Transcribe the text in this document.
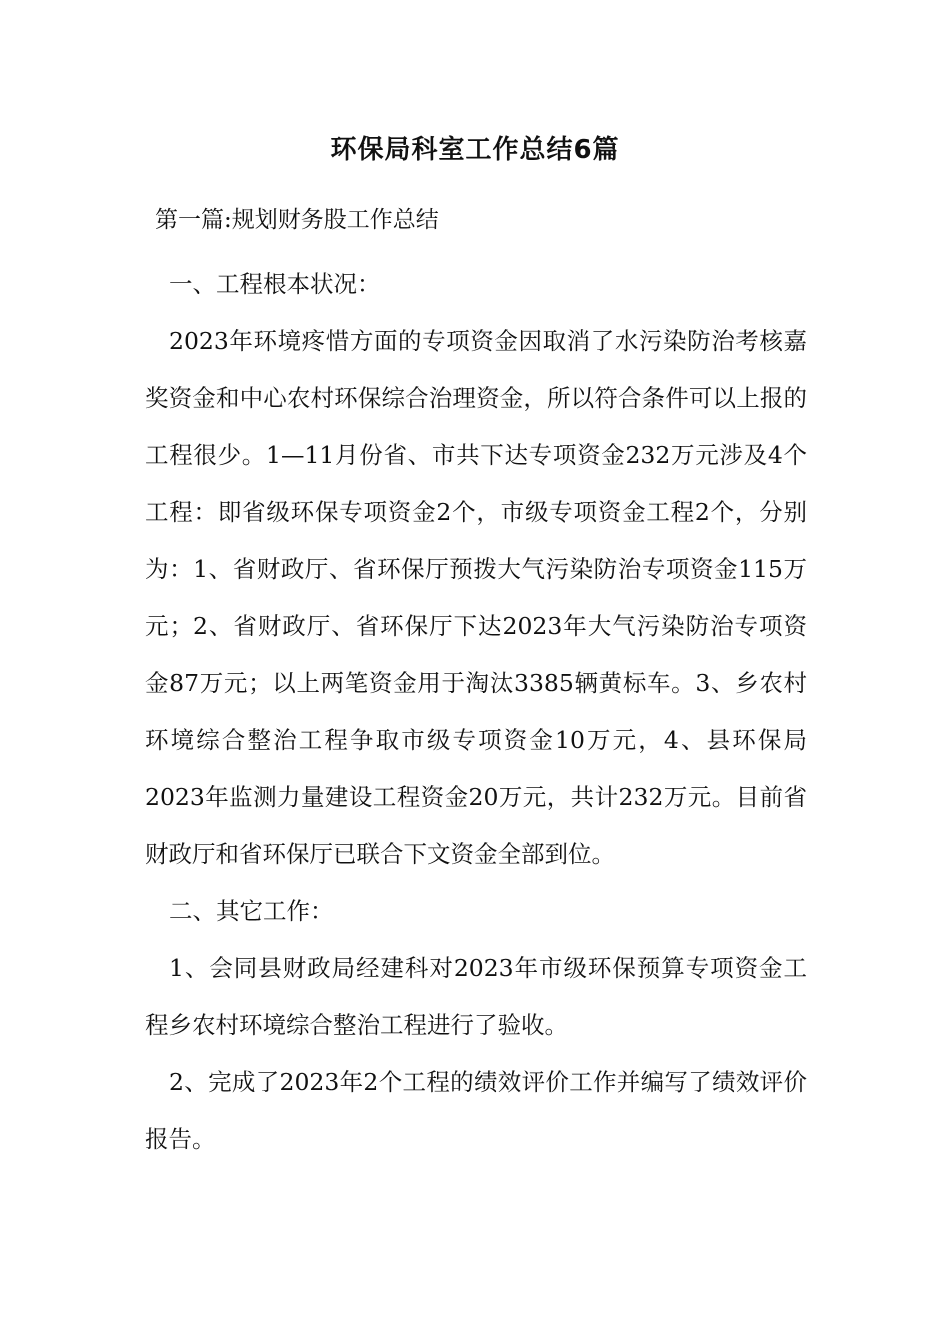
环保局科室工作总结6篇
第一篇:规划财务股工作总结

一、工程根本状况：

2023年环境疼惜方面的专项资金因取消了水污染防治考核嘉奖资金和中心农村环保综合治理资金，所以符合条件可以上报的工程很少。1—11月份省、市共下达专项资金232万元涉及4个工程：即省级环保专项资金2个，市级专项资金工程2个，分别为：1、省财政厅、省环保厅预拨大气污染防治专项资金115万元；2、省财政厅、省环保厅下达2023年大气污染防治专项资金87万元；以上两笔资金用于淘汰3385辆黄标车。3、乡农村环境综合整治工程争取市级专项资金10万元，4、县环保局2023年监测力量建设工程资金20万元，共计232万元。目前省财政厅和省环保厅已联合下文资金全部到位。

二、其它工作：

1、会同县财政局经建科对2023年市级环保预算专项资金工程乡农村环境综合整治工程进行了验收。

2、完成了2023年2个工程的绩效评价工作并编写了绩效评价报告。
